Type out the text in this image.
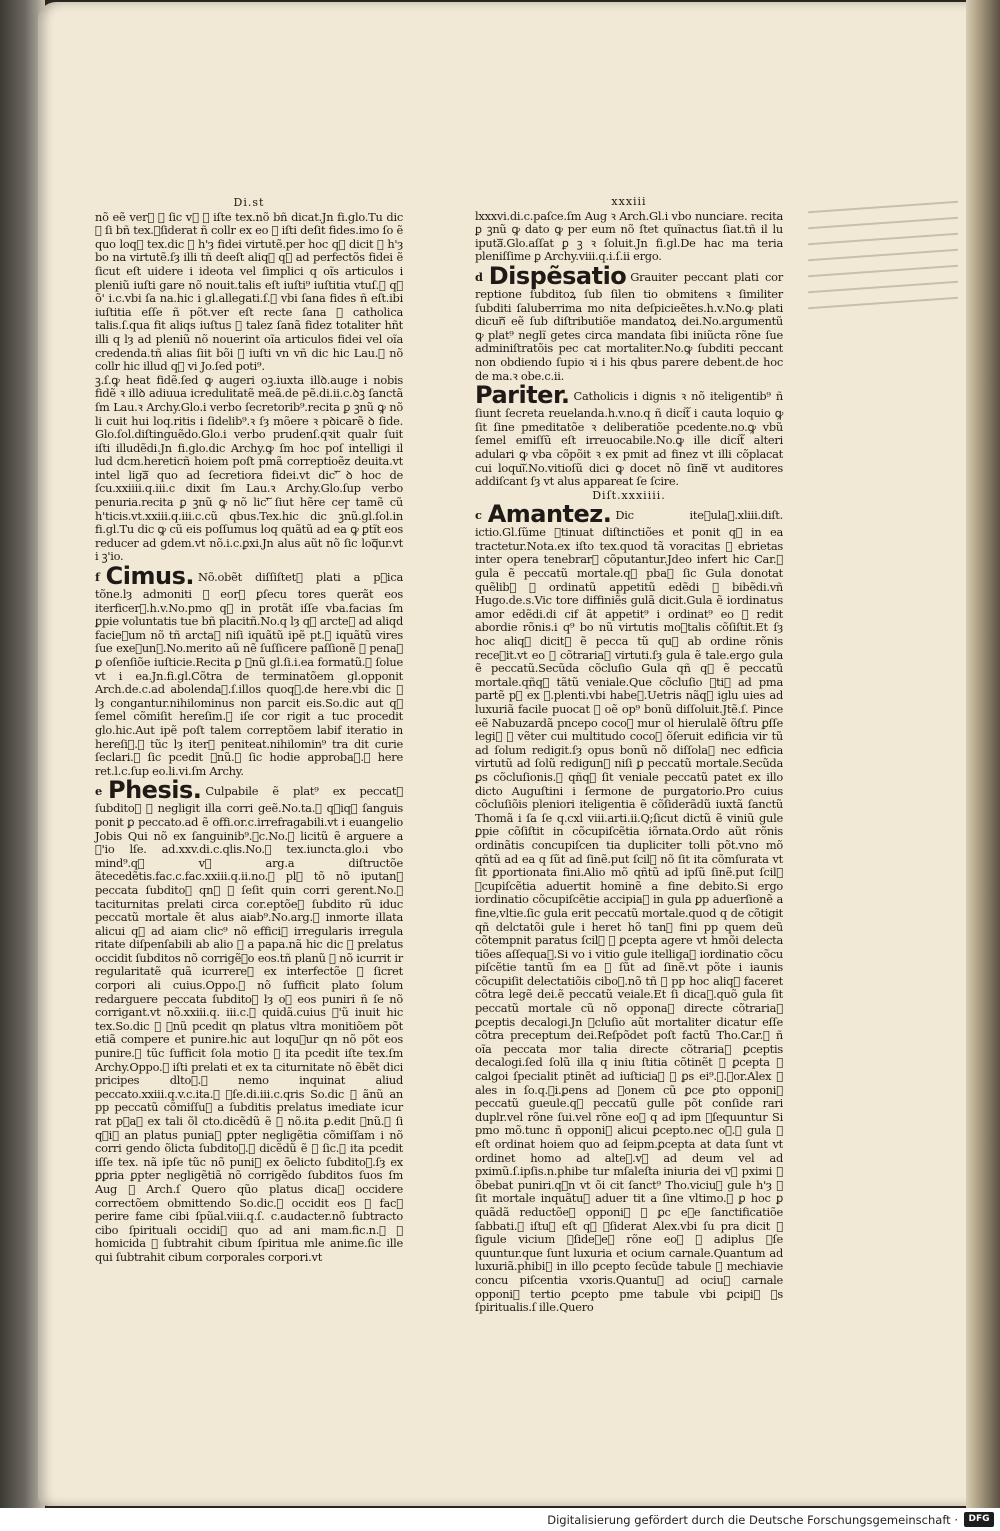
Di.st

nõ eẽ ver᷑ ꝛ ſic vᷓ ꝙ iſte tex.nõ bñ dicat.Jn fi.glo.Tu dic ꝙ ſi bñ tex.ꝯſiderat ñ collr ex eo ꝙ iſti deſit fides.imo ſo ẽ quo loqᷓ tex.dic ꝯ h'ȝ fidei virtutẽ.per hoc qꝺ dicit ꝙ h'ȝ bo na virtutẽ.ſȝ illi tñ deeſt aliqꝺ qꝺ ad perfectõs fidei ẽ ſicut eſt uidere i ideota vel ſimplici q oĩs articulos i pleniũ iuſti gare nõ nouit.talis eſt iuſti⁹ iuſtitia vtuſ.ꝛ qꝺ õ' i.c.vbi ſa na.hic i gl.allegati.ſ.ꝙ vbi ſana fides ñ eſt.ibi iuſtitia eſſe ñ põt.ver eſt recte ſana ꝛ catholica talis.ſ.qua fit aliqs iuſtus ꝛ talez ſanã fidez totaliter hñt illi q lȝ ad pleniũ nõ nouerint oĩa articulos fidei vel oĩa credenda.tñ alias ſiit bõi ꝛ iuſti vn vñ dic hic Lau.ꝙ nõ collr hic illud qꝺ vi Jo.ſed poti⁹.

ꝫ.ſ.ꝙ heat fidẽ.ſed ꝙ augeri oꝫ.iuxta illꝺ.auge i nobis fidẽ ꝛ illꝺ adiuua icredulitatẽ meã.de pẽ.di.ii.c.ꝺꝫ ſanctã ſm Lau.ꝛ Archy.Glo.i verbo ſecretorib⁹.recita ꝑ ꝫnũ ꝙ nõ li cuit hui loq.ritis i ſidelib⁹.ꝛ ſȝ mõere ꝛ pꝺicarẽ ꝺ ſide. Glo.ſol.diſtinguẽdo.Glo.i verbo prudenſ.qꝛit qualr ſuit iſti illudẽdi.Jn fi.glo.dic Archy.ꝙ ſm hoc poſ intelligi il lud dcm.hereticñ hoiem poſt pmã correptioẽz deuita.vt intel ligaᷓ quo ad ſecretiora fidei.vt dic'ᷓ ꝺ hoc de ſcu.xxiiii.q.iii.c dixit ſm Lau.ꝛ Archy.Glo.ſup verbo penuria.recita ꝑ ꝫnũ ꝙ nõ lic'ᷓ ſiut hẽre ceɼ tamẽ cũ h'ticis.vt.xxiii.q.iii.c.cũ qbus.Tex.hic dic ꝫnũ.gl.ſol.in fi.gl.Tu dic ꝙ cũ eis poſſumus loq quãtũ ad ea ꝙ ꝑtĩt eos reducer ad gdem.vt nõ.i.c.ꝑxi.Jn alus aũt nõ ſic loqᷓur.vt i ꝫ'io.

f Cimus. Nõ.obẽt diſſiſtetᷓ plati a pꝺica tõne.lȝ admoniti ꝙ eorꝫ ꝑſecu tores querãt eos iterficerꝫ.h.v.No.pmo qꝺ in protãt iſſe vba.facias ſm ꝑpie voluntatis tue bñ placitñ.No.q lȝ qꝺ arcteᷓ ad aliqd facieꝺum nõ tñ arctaᷓ niſi iquãtũ ipẽ pt.ꝛ iquãtũ vires ſue exeꝺunᷓ.No.merito aũ nẽ ſuſſicere paſſionẽ ꝛ penaꝫ ꝑ oſenſiõe iuſticie.Recita ꝑ ꝫnũ gl.ſi.i.ea formatũ.ꝛ ſolue vt i ea.Jn.fi.gl.Cõtra de terminatõem gl.opponit Arch.de.c.ad abolendaꝫ.ſ.illos quoqꝫ.de here.vbi dic ꝙ lȝ congantur.nihilominus non parcit eis.So.dic aut qꝺ ſemel cõmiſit hereſim.ꝛ iſe cor rigit a tuc procedit glo.hic.Aut ipẽ poſt talem correptõem labif iteratio in hereſiꝫ.ꝛ tũc lȝ iterꝫ peniteat.nihilomin⁹ tra dit curie ſeclari.ꝛ ſic pcedit ꝫnũ.ꝛ ſic hodie approbaᷓ.ꝺ here ret.l.c.ſup eo.li.vi.ſm Archy.

e Phesis. Culpabile ẽ plat⁹ ex peccatᷓ ſubditoꝝ ꝙ negligit illa corri geẽ.No.ta.ꝙ qꝛiqꝫ ſanguis ponit ꝑ peccato.ad ẽ offi.or.c.irrefragabili.vt i euangelio Jobis Qui nõ ex ſanguinib⁹.ꝛc.No.ꝙ licitũ ẽ arguere a ꝫ'io lſe. ad.xxv.di.c.qlis.No.ꝙ tex.iuncta.glo.i vbo mind⁹.qꝺ vꝫ arg.a diſtructõe ãtecedẽtis.fac.c.fac.xxiii.q.ii.no.ꝙ plꝫ tõ nõ iputanᷓ peccata ſubditoꝝ qnᷓ ꝙ ſeſit quin corri gerent.No.ꝙ taciturnitas prelati circa cor.eptõeꝫ ſubdito rũ iduc peccatũ mortale ẽt alus aiab⁹.No.arg.ꝙ inmorte illata alicui qꝺ ad aiam clic⁹ nõ efficiᷓ irregularis irregula ritate diſpenſabili ab alio ꝙ a papa.nã hic dic ꝙ prelatus occidit ſubditos nõ corrigẽꝺo eos.tñ planũ ꝙ nõ icurrit ir regularitatẽ quã icurrereᷓ ex interfectõe ꝙ ſicret corpori ali cuius.Oppo.ꝙ nõ ſufficit plato ſolum redarguere peccata ſubditoꝝ lȝ oꝫ eos puniri ñ ſe nõ corrigant.vt nõ.xxiii.q. iii.c.ꝫ quidã.cuius ꝫ'ũ inuit hic tex.So.dic ꝙ ꝫnũ pcedit qn platus vltra monitiõem põt etiã compere et punire.hic aut loquᷓur qn nõ põt eos punire.ꝛ tũc ſufficit ſola motio ꝛ ita pcedit iſte tex.ſm Archy.Oppo.ꝙ iſti prelati et ex ta citurnitate nõ ẽbẽt dici pricipes dltoꝝ.ꝙ nemo inquinat aliud peccato.xxiii.q.v.c.ita.ꝺ ꝯſe.di.iii.c.qris So.dic ꝙ ãnũ an pp peccatũ cõmiſſuꝫ a ſubditis prelatus imediate icur rat pꝺaꝫ ex tali õl cto.dicẽdũ ẽ ꝙ nõ.ita ꝑ.edit ꝫnũ.ꝛ ſi qꝛiᷓ an platus puniaᷓ ꝑpter negligẽtia cõmiſſam i nõ corri gendo õlicta ſubditoꝝ.ꝛ dicẽdũ ẽ ꝙ ſic.ꝛ ita pcedit iſſe tex. nã ipſe tũc nõ puniᷓ ex õelicto ſubditoꝝ.ſȝ ex ꝑꝑria ꝑpter negligẽtiã nõ corrigẽdo ſubditos ſuos ſm Aug ꝛ Arch.ſ Quero qũo platus dicaᷓ occidere correctõem obmittendo So.dic.ꝙ occidit eos ꝙ facᷓ perire fame cibi ſpũal.viii.q.ſ. c.audacter.nõ ſubtracto cibo ſpirituali occidiᷓ quo ad ani mam.fic.n.ꝺ ꝙ homicida ꝙ ſubtrahit cibum ſpiritua mle anime.ſic ille qui ſubtrahit cibum corporales corpori.vt

xxxiii

lxxxvi.di.c.paſce.ſm Aug ꝛ Arch.Gl.i vbo nunciare. recita ꝑ ꝫnũ ꝙ dato ꝙ per eum nõ ſtet quĩnactus ſiat.tñ il lu iputaᷓ.Glo.aſſat ꝑ ꝫ ꝛ ſoluit.Jn fi.gl.De hac ma teria pleniſſime ꝑ Archy.viii.q.i.ſ.ii ergo.

d Dispẽsatio Grauiter peccant plati cor reptione ſubditoꝝ ſub ſilen tio obmitens ꝛ ſimiliter ſubditi ſaluberrima mo nita deſpicieẽtes.h.v.No.ꝙ plati dicunᷓ eẽ ſub diſtributiõe mandatoꝝ dei.No.argumentũ ꝙ plat⁹ neglĩ getes circa mandata ſibi iniũcta rõne ſue adminiſtratõis pec cat mortaliter.No.ꝙ ſubditi peccant non obdiendo ſupio ꝛi i his qbus parere debent.de hoc de ma.ꝛ obe.c.ii.

Pariter. Catholicis i dignis ꝛ nõ iteligentib⁹ ñ ſiunt ſecreta reuelanda.h.v.no.q ñ dicitᷓ i cauta loquio ꝙ ſit ſine pmeditatõe ꝛ deliberatiõe pcedente.no.ꝙ vbũ ſemel emiſſũ eſt irreuocabile.No.ꝙ ille dicitᷓ alteri adulari ꝙ vba cõpõit ꝛ ex pmit ad finez vt illi cõplacat cui loquiᷓ.No.vitioſũ dici ꝙ docet nõ ſineᷓ vt auditores addiſcant ſȝ vt alus appareat ſe ſcire.

Diſt.xxxiiii.

c Amantez. Dic iteᷓulaᷓ.xliii.diſt. ictio.Gl.ſũme ꝯtinuat diſtinctiões et ponit qꝺ in ea tractetur.Nota.ex iſto tex.quod tã voracitas ꝙ ebrietas inter opera tenebrarꝫ cõputantur.Jdeo infert hic Car.ꝙ gula ẽ peccatũ mortale.qꝺ pbaᷓ ſic Gula donotat quẽlibꝫ ꝛ ordinatũ appetitũ edẽdi ꝛ bibẽdi.vñ Hugo.de.s.Vic tore diffiniẽs gulã dicit.Gula ẽ iordinatus amor edẽdi.di cif ãt appetit⁹ i ordinat⁹ eo ꝙ redit abordie rõnis.i q⁹ bo nũ virtutis moꝛtalis cõſiſtit.Et ſȝ hoc aliqꝺ dicitᷓ ẽ pecca tũ quꝺ ab ordine rõnis receꝺit.vt eo ꝙ cõtrariaᷓ virtuti.ſȝ gula ẽ tale.ergo gula ẽ peccatũ.Secũda cõcluſio Gula qñ qꝫ ẽ peccatũ mortale.qñqꝫ tãtũ veniale.Que cõcluſio ꝙtiᷓ ad pma partẽ pꝫ ex ꝛ.plenti.vbi habeᷓ.Uetris nãqꝫ iglu uies ad luxuriã facile puocat ꝛ oẽ op⁹ bonũ diſſoluit.Jtẽ.ſ. Pince eẽ Nabuzardã pncepo cocoꝝ mur ol hierulalẽ õſtru ꝑſſe legiᷓ ꝙ vẽter cui multitudo cocoꝝ õſeruit edificia vir tũ ad ſolum redigit.ſȝ opus bonũ nõ diſſolaᷓ nec edficia virtutũ ad ſolũ redigunᷓ niſi ꝑ peccatũ mortale.Secũda ꝑs cõcluſionis.ꝙ qñqꝫ ſit veniale peccatũ patet ex illo dicto Auguſtini i ſermone de purgatorio.Pro cuius cõcluſiõis pleniori iteligentia ẽ cõſiderãdũ iuxtã ſanctũ Thomã i ſa ſe q.cxl viii.arti.ii.Q;ſicut dictũ ẽ viniũ gule ꝑpie cõſiſtit in cõcupiſcẽtia iõrnata.Ordo aũt rõnis ordinãtis concupiſcen tia dupliciter tolli põt.vno mõ qñtũ ad ea q ſũt ad ſinẽ.put ſcilꝫ nõ ſit ita cõmſurata vt ſit ꝑportionata fini.Alio mõ qñtũ ad ipſũ ſinẽ.put ſcilꝫ ꝯcupiſcẽtia aduertit hominẽ a fine debito.Si ergo iordinatio cõcupiſcẽtie accipiaᷓ in gula ꝑp aduerſionẽ a fine,vltie.ſic gula erit peccatũ mortale.quod q de cõtigit qñ delctatõi gule i heret hõ tanꝙ fini pp quem deũ cõtempnit paratus ſcilꝫ ꝫ ꝑcepta agere vt hmõi delecta tiões aſſequaᷓ.Si vo i vitio gule itelligaᷓ iordinatio cõcu piſcẽtie tantũ ſm ea ꝙ ſũt ad ſinẽ.vt põte i iaunis cõcupiſit delectatiõis ciboꝝ.nõ tñ ꝙ pp hoc aliqꝺ faceret cõtra legẽ dei.ẽ peccatũ veiale.Et ſi dicaᷓ.quõ gula ſit peccatũ mortale cũ nõ opponaᷓ directe cõtrariaᷓ ꝑceptis decalogi.Jn ꝯcluſio aũt mortaliter dicatur eſſe cõtra preceptum dei.Reſpõdet poſt factũ Tho.Car.ꝙ ñ oĩa peccata mor talia directe cõtrariaᷓ ꝑceptis decalogi.ſed ſolũ illa q iniu ſtitia cõtinẽt ꝙ ꝑcepta ꝺ calgoi ſpecialit ptinẽt ad iuſticiaꝫ ꝛ ꝑs ei⁹.ꝺ.ꝯor.Alex ꝺ ales in ſo.q.ꝛi.ꝑens ad ꝙonem cũ ꝑce ꝑto opponiᷓ peccatũ gueule.qꝺ peccatũ gulle põt conſide rari duplr.vel rõne ſui.vel rõne eoꝝ q ad ipm ꝯſequuntur Si pmo mõ.tunc ñ opponiᷓ alicui ꝑcepto.nec oꝫ.ꝙ gula ꝺ eſt ordinat hoiem quo ad ſeipm.ꝑcepta at data ſunt vt ordinet homo ad alteꝝ.vꝫ ad deum vel ad pximũ.ſ.ipſis.n.phibe tur mſaleſta iniuria dei vꝫ pximi ꝙ õbebat puniri.qꝛn vt õi cit ſanct⁹ Tho.viciuꝫ gule h'ȝ ꝙ ſit mortale inquãtuꝫ aduer tit a ſine vltimo.ꝛ ꝑ hoc ꝑ quãdã reductõeꝫ opponiᷓ ꝺ ꝑc eꝺe ſanctificatiõe ſabbati.ꝛ iſtuꝺ eſt qꝺ ꝯſiderat Alex.vbi ſu pra dicit ꝙ ſigule vicium ꝯſideꝛeᷓ rõne eoꝝ ꝙ adiplus ꝯſe quuntur.que ſunt luxuria et ocium carnale.Quantum ad luxuriã.phibiᷓ in illo ꝑcepto ſecũde tabule ꝺ mechiavie concu piſcentia vxoris.Quantuꝫ ad ociuꝫ carnale opponiᷓ tertio ꝑcepto pme tabule vbi ꝑcipiᷓ ꝙs ſpiritualis.ſ ille.Quero

Digitalisierung gefördert durch die Deutsche Forschungsgemeinschaft ·	DFG
